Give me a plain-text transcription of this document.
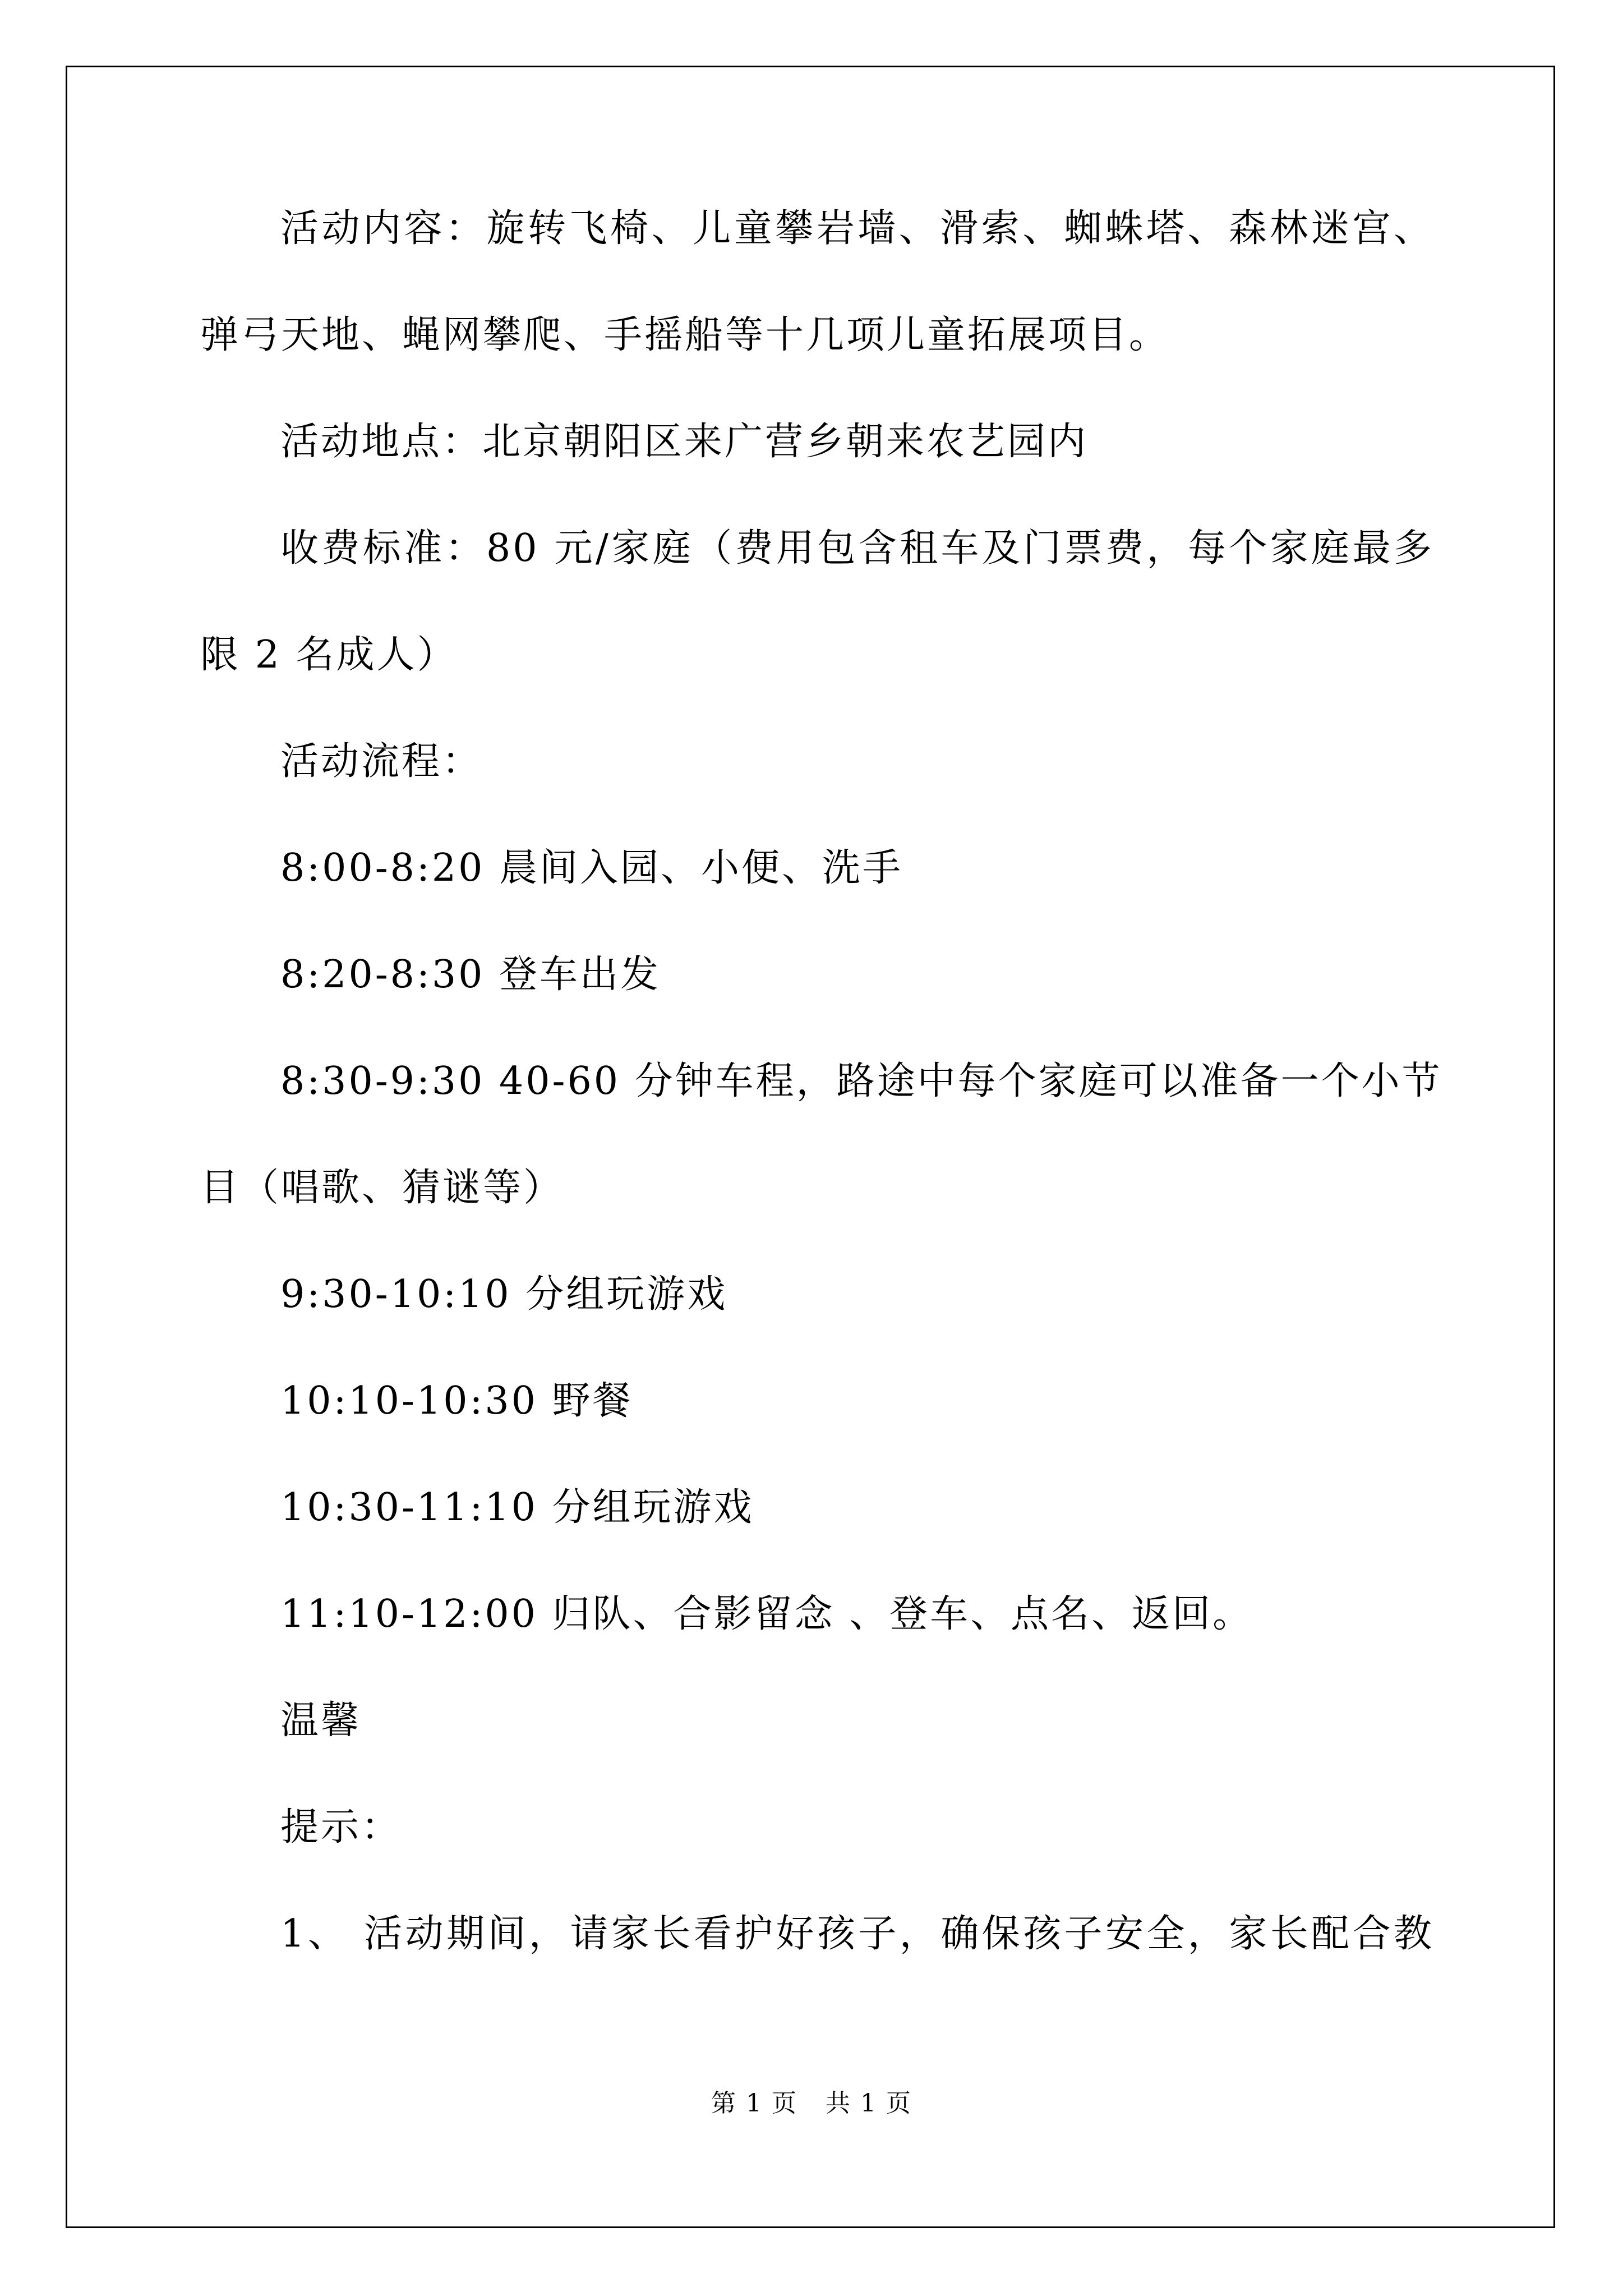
活动内容：旋转飞椅、儿童攀岩墙、滑索、蜘蛛塔、森林迷宫、
弹弓天地、蝇网攀爬、手摇船等十几项儿童拓展项目。
活动地点：北京朝阳区来广营乡朝来农艺园内
收费标准：80 元/家庭（费用包含租车及门票费，每个家庭最多
限 2 名成人）
活动流程：
8:00-8:20 晨间入园、小便、洗手
8:20-8:30 登车出发
8:30-9:30 40-60 分钟车程，路途中每个家庭可以准备一个小节
目（唱歌、猜谜等）
9:30-10:10 分组玩游戏
10:10-10:30 野餐
10:30-11:10 分组玩游戏
11:10-12:00 归队、合影留念 、登车、点名、返回。
温馨
提示：
1、 活动期间，请家长看护好孩子，确保孩子安全，家长配合教
第 1 页 共 1 页
